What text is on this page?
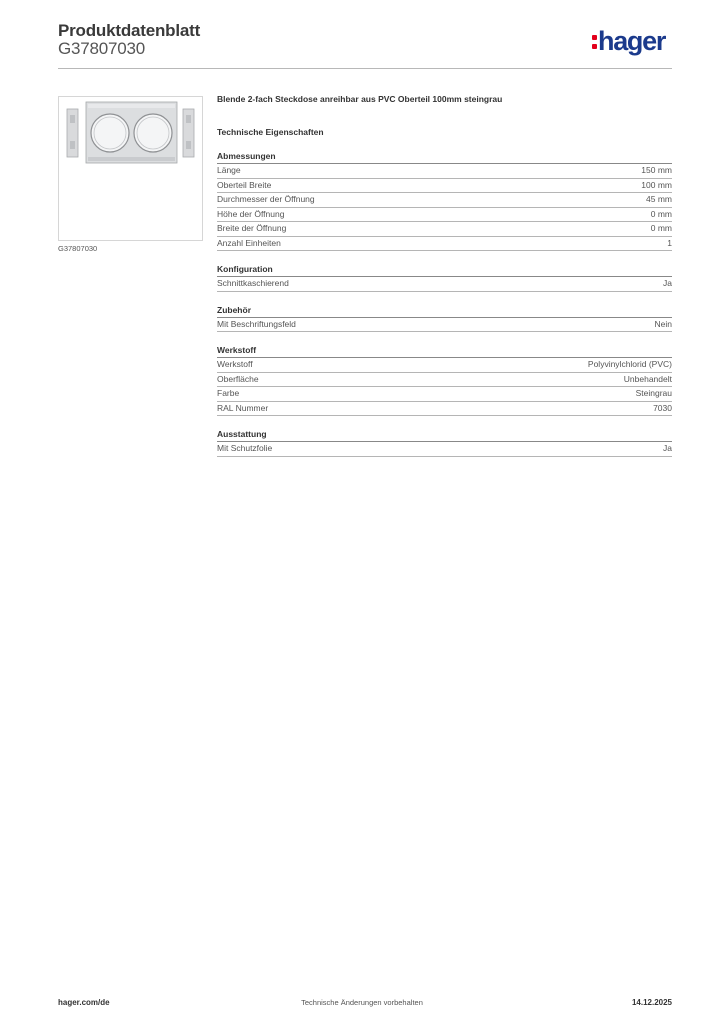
Produktdatenblatt
G37807030	hager
G37807030
Blende 2-fach Steckdose anreihbar aus PVC Oberteil 100mm steingrau
Technische Eigenschaften
Abmessungen
Länge	150 mm
Oberteil Breite	100 mm
Durchmesser der Öffnung	45 mm
Höhe der Öffnung	0 mm
Breite der Öffnung	0 mm
Anzahl Einheiten	1
Konfiguration
Schnittkaschierend	Ja
Zubehör
Mit Beschriftungsfeld	Nein
Werkstoff
Werkstoff	Polyvinylchlorid (PVC)
Oberfläche	Unbehandelt
Farbe	Steingrau
RAL Nummer	7030
Ausstattung
Mit Schutzfolie	Ja
hager.com/de	Technische Änderungen vorbehalten	14.12.2025
